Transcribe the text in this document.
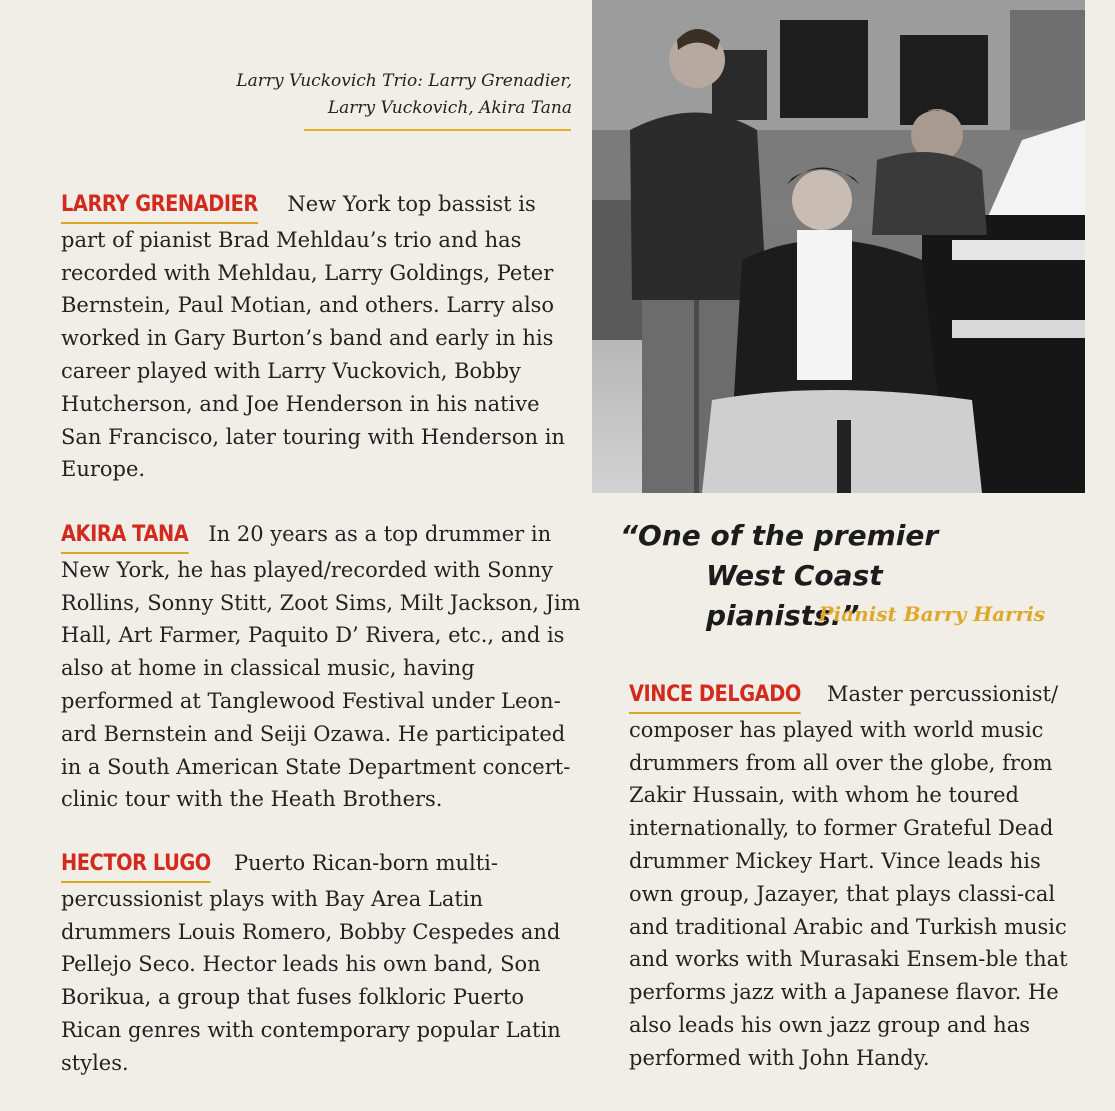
Larry Vuckovich Trio: Larry Grenadier,
Larry Vuckovich, Akira Tana

LARRY GRENADIER New York top bassist is part of pianist Brad Mehldau’s trio and has recorded with Mehldau, Larry Goldings, Peter Bernstein, Paul Motian, and others. Larry also worked in Gary Burton’s band and early in his career played with Larry Vuckovich, Bobby Hutcherson, and Joe Henderson in his native San Francisco, later touring with Henderson in Europe.

AKIRA TANA In 20 years as a top drummer in New York, he has played/recorded with Sonny Rollins, Sonny Stitt, Zoot Sims, Milt Jackson, Jim Hall, Art Farmer, Paquito D’ Rivera, etc., and is also at home in classical music, having performed at Tanglewood Festival under Leon-ard Bernstein and Seiji Ozawa. He participated in a South American State Department concert-clinic tour with the Heath Brothers.

HECTOR LUGO Puerto Rican-born multi-percussionist plays with Bay Area Latin drummers Louis Romero, Bobby Cespedes and Pellejo Seco. Hector leads his own band, Son Borikua, a group that fuses folkloric Puerto Rican genres with contemporary popular Latin styles.

“One of the premier
West Coast pianists.”
Pianist Barry Harris

VINCE DELGADO Master percussionist/ composer has played with world music drummers from all over the globe, from Zakir Hussain, with whom he toured internationally, to former Grateful Dead drummer Mickey Hart. Vince leads his own group, Jazayer, that plays classi-cal and traditional Arabic and Turkish music and works with Murasaki Ensem-ble that performs jazz with a Japanese flavor. He also leads his own jazz group and has performed with John Handy.
